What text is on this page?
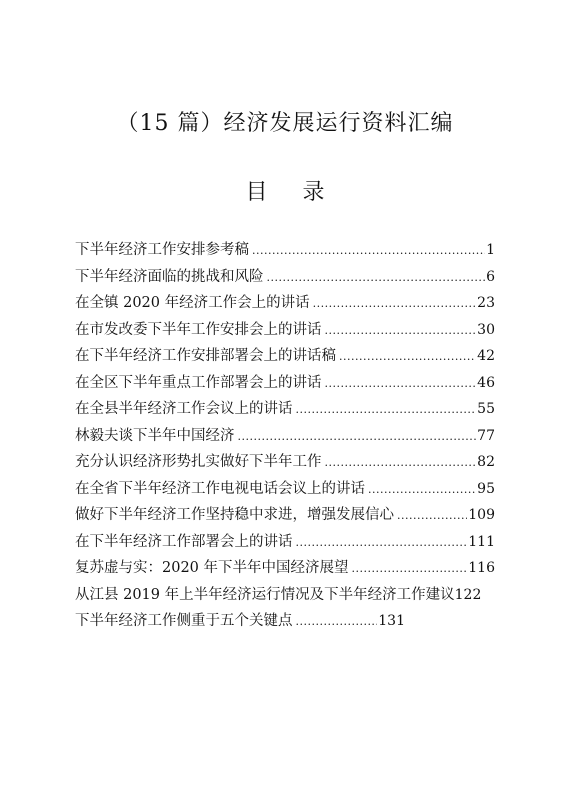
（15 篇）经济发展运行资料汇编
目 录
下半年经济工作安排参考稿 .....	1
下半年经济面临的挑战和风险 .....	6
在全镇 2020 年经济工作会上的讲话 .....	23
在市发改委下半年工作安排会上的讲话 .....	30
在下半年经济工作安排部署会上的讲话稿 .....	42
在全区下半年重点工作部署会上的讲话 .....	46
在全县半年经济工作会议上的讲话 .....	55
林毅夫谈下半年中国经济 .....	77
充分认识经济形势扎实做好下半年工作 .....	82
在全省下半年经济工作电视电话会议上的讲话 .....	95
做好下半年经济工作坚持稳中求进，增强发展信心 .....	109
在下半年经济工作部署会上的讲话 .....	111
复苏虚与实：2020 年下半年中国经济展望 .....	116
从江县 2019 年上半年经济运行情况及下半年经济工作建议 122
下半年经济工作侧重于五个关键点 .....	131
